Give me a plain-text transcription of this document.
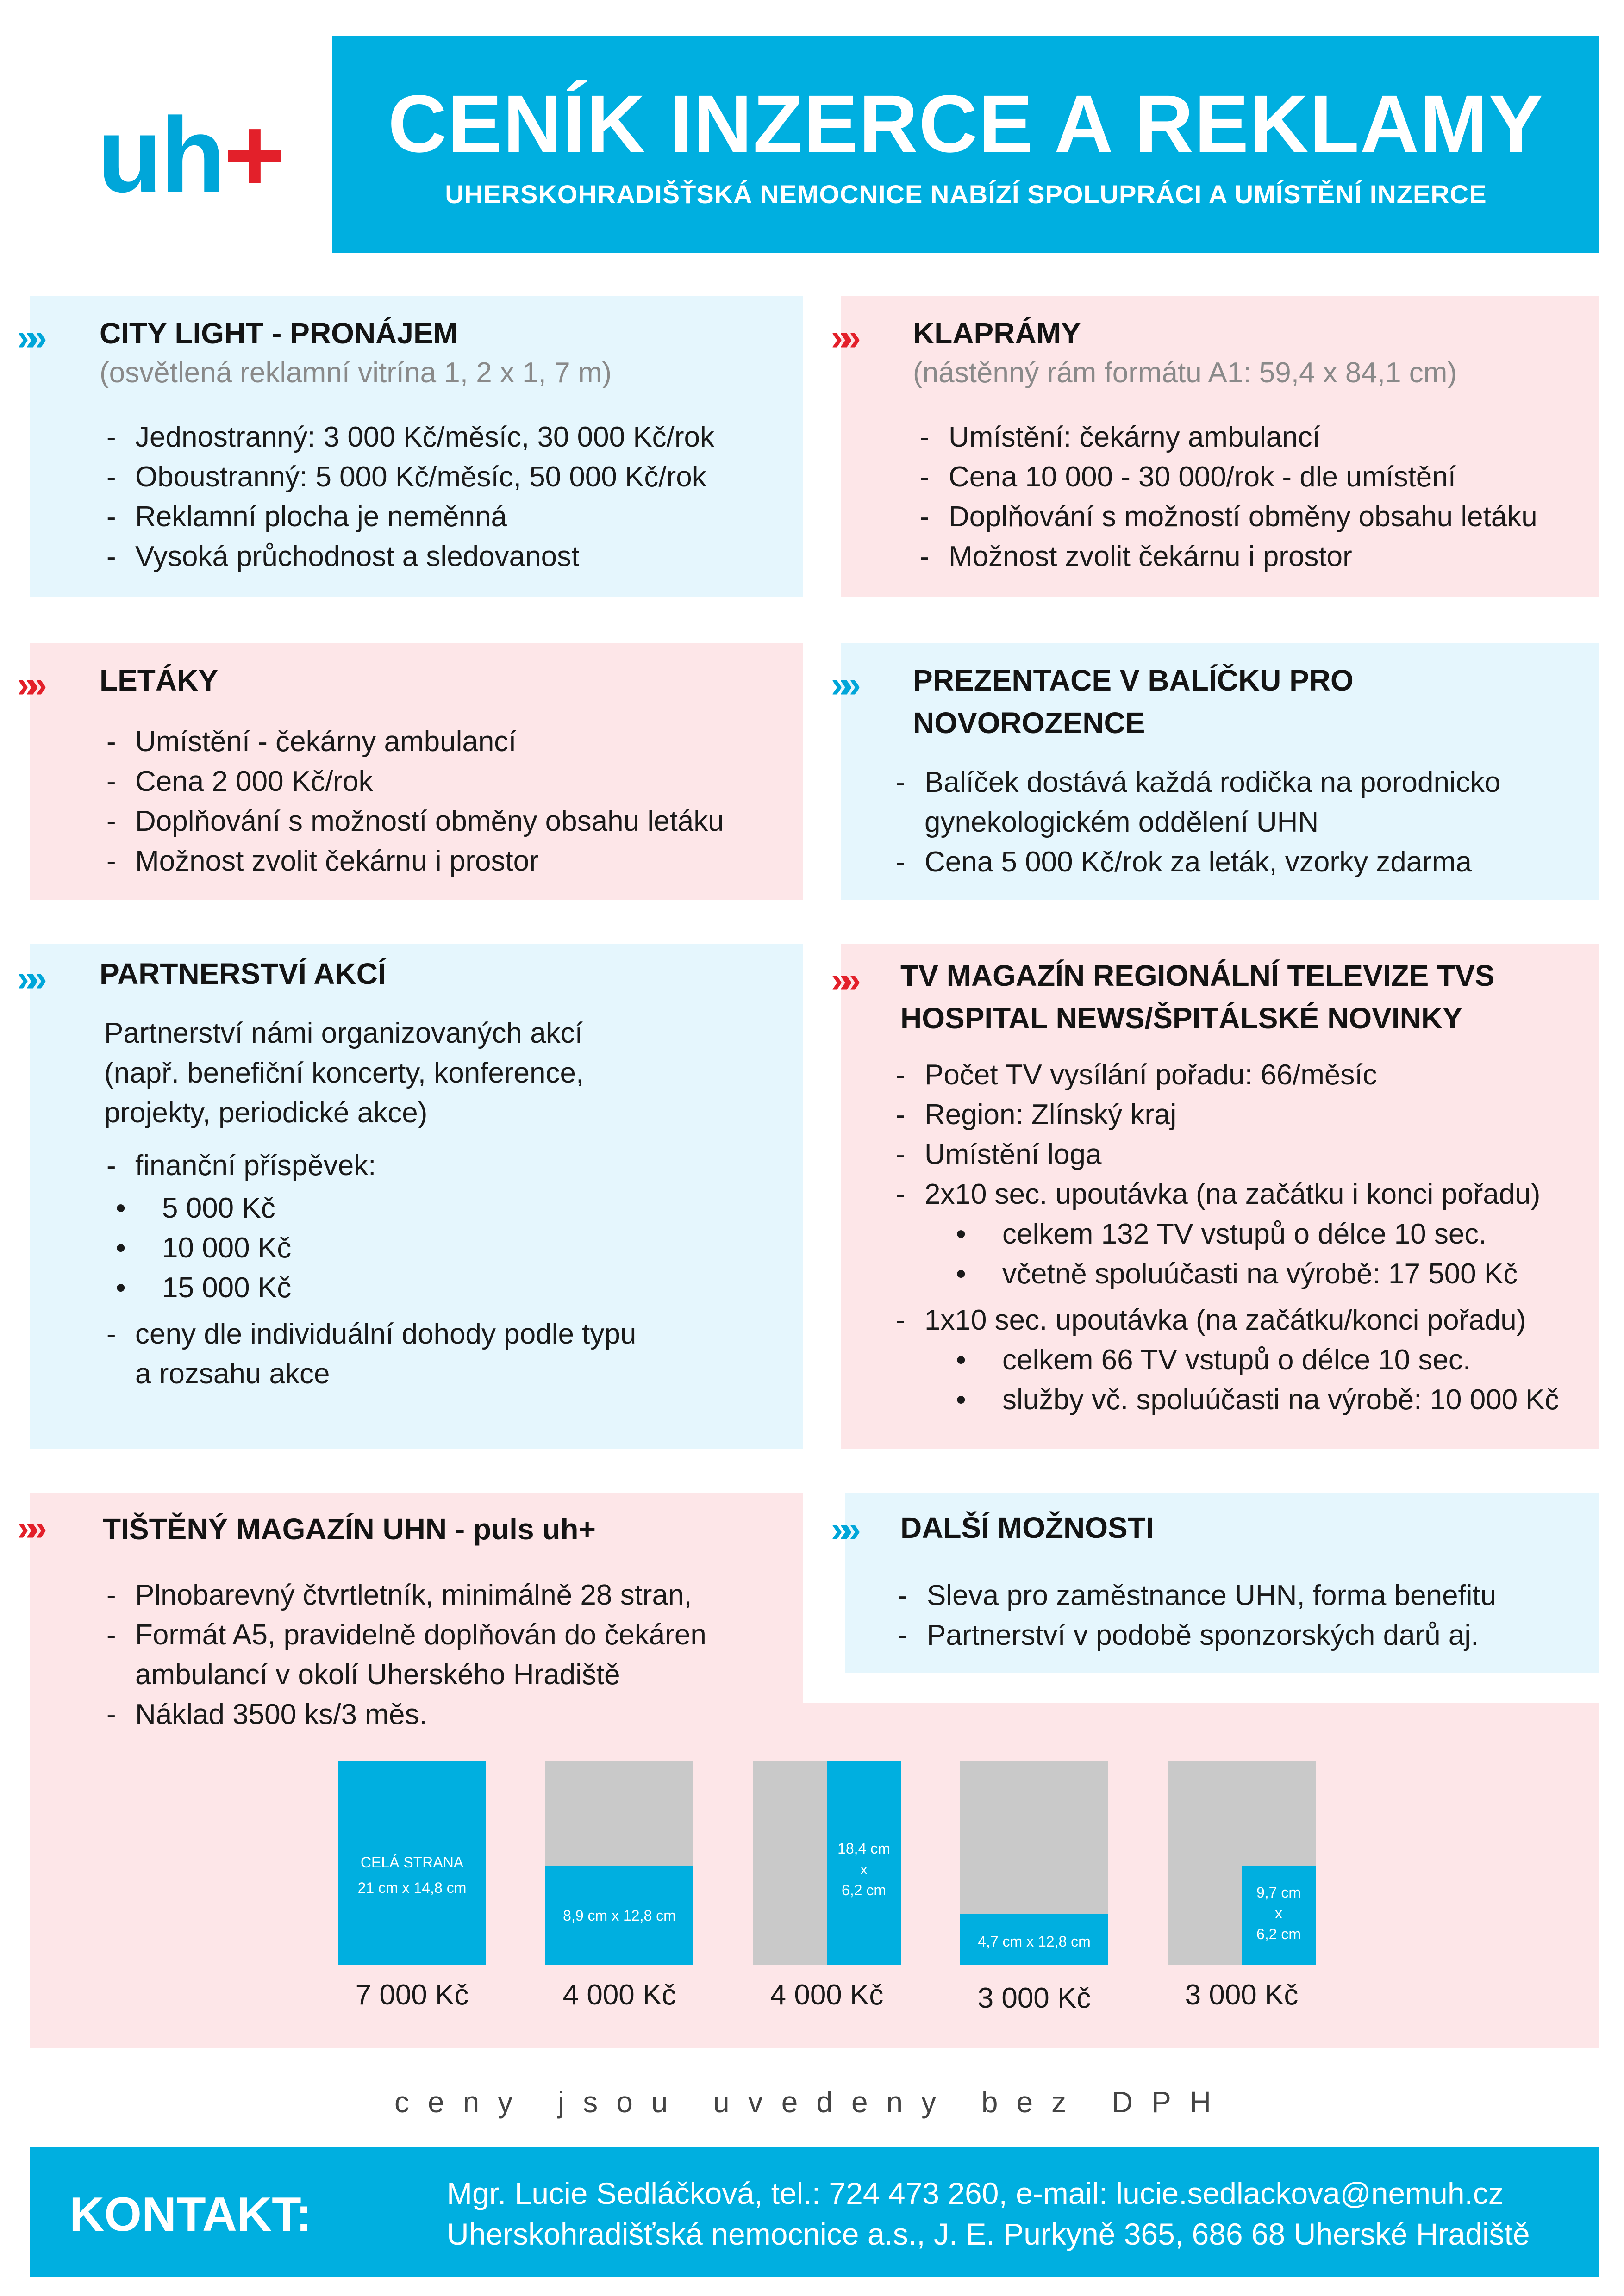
uh+	CENÍK INZERCE A REKLAMY
UHERSKOHRADIŠŤSKÁ NEMOCNICE NABÍZÍ SPOLUPRÁCI A UMÍSTĚNÍ INZERCE
»» CITY LIGHT - PRONÁJEM
(osvětlená reklamní vitrína 1, 2 x 1, 7 m)
- Jednostranný: 3 000 Kč/měsíc, 30 000 Kč/rok
- Oboustranný: 5 000 Kč/měsíc, 50 000 Kč/rok
- Reklamní plocha je neměnná
- Vysoká průchodnost a sledovanost
»» KLAPRÁMY
(nástěnný rám formátu A1: 59,4 x 84,1 cm)
- Umístění: čekárny ambulancí
- Cena 10 000 - 30 000/rok - dle umístění
- Doplňování s možností obměny obsahu letáku
- Možnost zvolit čekárnu i prostor
»» LETÁKY
- Umístění - čekárny ambulancí
- Cena 2 000 Kč/rok
- Doplňování s možností obměny obsahu letáku
- Možnost zvolit čekárnu i prostor
»» PREZENTACE V BALÍČKU PRO
NOVOROZENCE
- Balíček dostává každá rodička na porodnicko gynekologickém oddělení UHN
- Cena 5 000 Kč/rok za leták, vzorky zdarma
»» PARTNERSTVÍ AKCÍ
Partnerství námi organizovaných akcí
(např. benefiční koncerty, konference,
projekty, periodické akce)
- finanční příspěvek:
• 5 000 Kč
• 10 000 Kč
• 15 000 Kč
- ceny dle individuální dohody podle typu a rozsahu akce
»» TV MAGAZÍN REGIONÁLNÍ TELEVIZE TVS
HOSPITAL NEWS/ŠPITÁLSKÉ NOVINKY
- Počet TV vysílání pořadu: 66/měsíc
- Region: Zlínský kraj
- Umístění loga
- 2x10 sec. upoutávka (na začátku i konci pořadu)
• celkem 132 TV vstupů o délce 10 sec.
• včetně spoluúčasti na výrobě: 17 500 Kč
- 1x10 sec. upoutávka (na začátku/konci pořadu)
• celkem 66 TV vstupů o délce 10 sec.
• služby vč. spoluúčasti na výrobě: 10 000 Kč
»» TIŠTĚNÝ MAGAZÍN UHN - puls uh+
- Plnobarevný čtvrtletník, minimálně 28 stran,
- Formát A5, pravidelně doplňován do čekáren ambulancí v okolí Uherského Hradiště
- Náklad 3500 ks/3 měs.
CELÁ STRANA
21 cm x 14,8 cm
7 000 Kč
8,9 cm x 12,8 cm
4 000 Kč
18,4 cm
x
6,2 cm
4 000 Kč
4,7 cm x 12,8 cm
3 000 Kč
9,7 cm
x
6,2 cm
3 000 Kč
»» DALŠÍ MOŽNOSTI
- Sleva pro zaměstnance UHN, forma benefitu
- Partnerství v podobě sponzorských darů aj.
ceny jsou uvedeny bez DPH
KONTAKT:	Mgr. Lucie Sedláčková, tel.: 724 473 260, e-mail: lucie.sedlackova@nemuh.cz
Uherskohradišťská nemocnice a.s., J. E. Purkyně 365, 686 68 Uherské Hradiště
